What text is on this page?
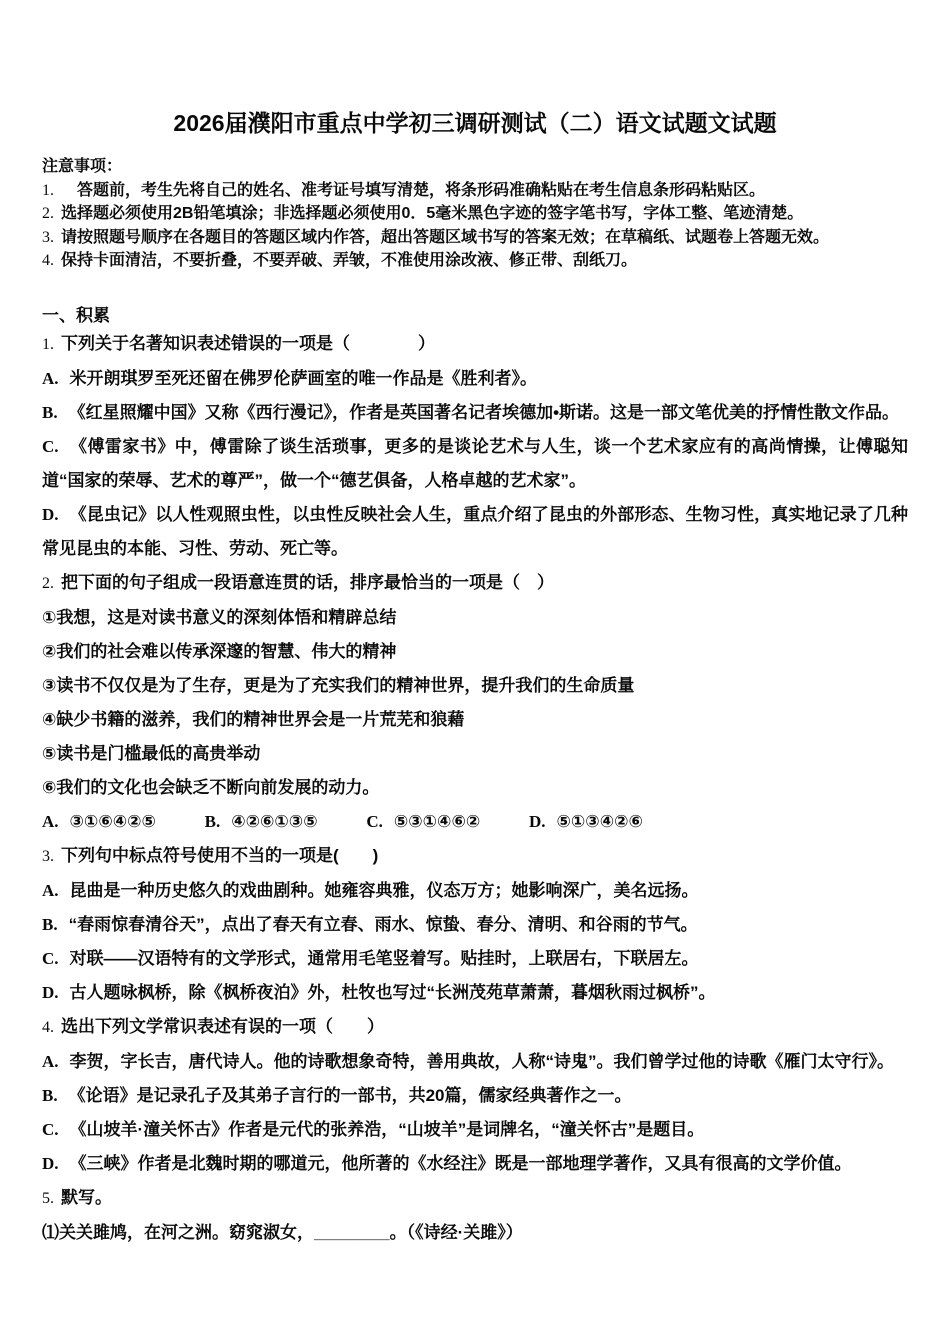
2026届濮阳市重点中学初三调研测试（二）语文试题文试题

注意事项：

1.　答题前，考生先将自己的姓名、准考证号填写清楚，将条形码准确粘贴在考生信息条形码粘贴区。

2. 选择题必须使用2B铅笔填涂；非选择题必须使用0．5毫米黑色字迹的签字笔书写，字体工整、笔迹清楚。

3. 请按照题号顺序在各题目的答题区域内作答，超出答题区域书写的答案无效；在草稿纸、试题卷上答题无效。

4. 保持卡面清洁，不要折叠，不要弄破、弄皱，不准使用涂改液、修正带、刮纸刀。

一、积累

1. 下列关于名著知识表述错误的一项是（　　　　）

A. 米开朗琪罗至死还留在佛罗伦萨画室的唯一作品是《胜利者》。

B. 《红星照耀中国》又称《西行漫记》，作者是英国著名记者埃德加•斯诺。这是一部文笔优美的抒情性散文作品。

C. 《傅雷家书》中，傅雷除了谈生活琐事，更多的是谈论艺术与人生，谈一个艺术家应有的高尚情操，让傅聪知道“国家的荣辱、艺术的尊严”，做一个“德艺俱备，人格卓越的艺术家”。

D. 《昆虫记》以人性观照虫性，以虫性反映社会人生，重点介绍了昆虫的外部形态、生物习性，真实地记录了几种常见昆虫的本能、习性、劳动、死亡等。

2. 把下面的句子组成一段语意连贯的话，排序最恰当的一项是（　）

①我想，这是对读书意义的深刻体悟和精辟总结

②我们的社会难以传承深邃的智慧、伟大的精神

③读书不仅仅是为了生存，更是为了充实我们的精神世界，提升我们的生命质量

④缺少书籍的滋养，我们的精神世界会是一片荒芜和狼藉

⑤读书是门槛最低的高贵举动

⑥我们的文化也会缺乏不断向前发展的动力。

A. ③①⑥④②⑤	B. ④②⑥①③⑤	C. ⑤③①④⑥②	D. ⑤①③④②⑥

3. 下列句中标点符号使用不当的一项是(　　)

A. 昆曲是一种历史悠久的戏曲剧种。她雍容典雅，仪态万方；她影响深广，美名远扬。

B. “春雨惊春清谷天”，点出了春天有立春、雨水、惊蛰、春分、清明、和谷雨的节气。

C. 对联——汉语特有的文学形式，通常用毛笔竖着写。贴挂时，上联居右，下联居左。

D. 古人题咏枫桥，除《枫桥夜泊》外，杜牧也写过“长洲茂苑草萧萧，暮烟秋雨过枫桥”。

4. 选出下列文学常识表述有误的一项（　　）

A. 李贺，字长吉，唐代诗人。他的诗歌想象奇特，善用典故，人称“诗鬼”。我们曾学过他的诗歌《雁门太守行》。

B. 《论语》是记录孔子及其弟子言行的一部书，共20篇，儒家经典著作之一。

C. 《山坡羊·潼关怀古》作者是元代的张养浩，“山坡羊”是词牌名，“潼关怀古”是题目。

D. 《三峡》作者是北魏时期的哪道元，他所著的《水经注》既是一部地理学著作，又具有很高的文学价值。

5. 默写。

⑴关关雎鸠，在河之洲。窈窕淑女，________。（《诗经·关雎》）
